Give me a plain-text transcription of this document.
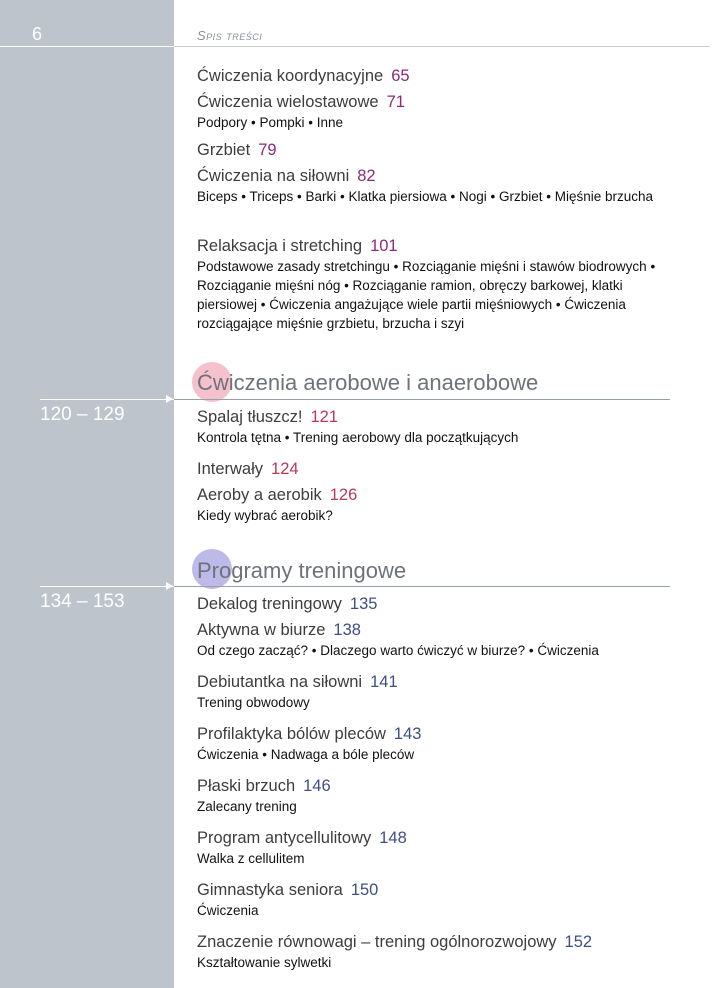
6	Spis treści
Ćwiczenia koordynacyjne 65
Ćwiczenia wielostawowe 71
Podpory • Pompki • Inne
Grzbiet 79
Ćwiczenia na siłowni 82
Biceps • Triceps • Barki • Klatka piersiowa • Nogi • Grzbiet • Mięśnie brzucha
Relaksacja i stretching 101
Podstawowe zasady stretchingu • Rozciąganie mięśni i stawów biodrowych • Rozciąganie mięśni nóg • Rozciąganie ramion, obręczy barkowej, klatki piersiowej • Ćwiczenia angażujące wiele partii mięśniowych • Ćwiczenia rozciągające mięśnie grzbietu, brzucha i szyi
Ćwiczenia aerobowe i anaerobowe
120 – 129	Spalaj tłuszcz! 121
Kontrola tętna • Trening aerobowy dla początkujących
Interwały 124
Aeroby a aerobik 126
Kiedy wybrać aerobik?
Programy treningowe
134 – 153	Dekalog treningowy 135
Aktywna w biurze 138
Od czego zacząć? • Dlaczego warto ćwiczyć w biurze? • Ćwiczenia
Debiutantka na siłowni 141
Trening obwodowy
Profilaktyka bólów pleców 143
Ćwiczenia • Nadwaga a bóle pleców
Płaski brzuch 146
Zalecany trening
Program antycellulitowy 148
Walka z cellulitem
Gimnastyka seniora 150
Ćwiczenia
Znaczenie równowagi – trening ogólnorozwojowy 152
Kształtowanie sylwetki
